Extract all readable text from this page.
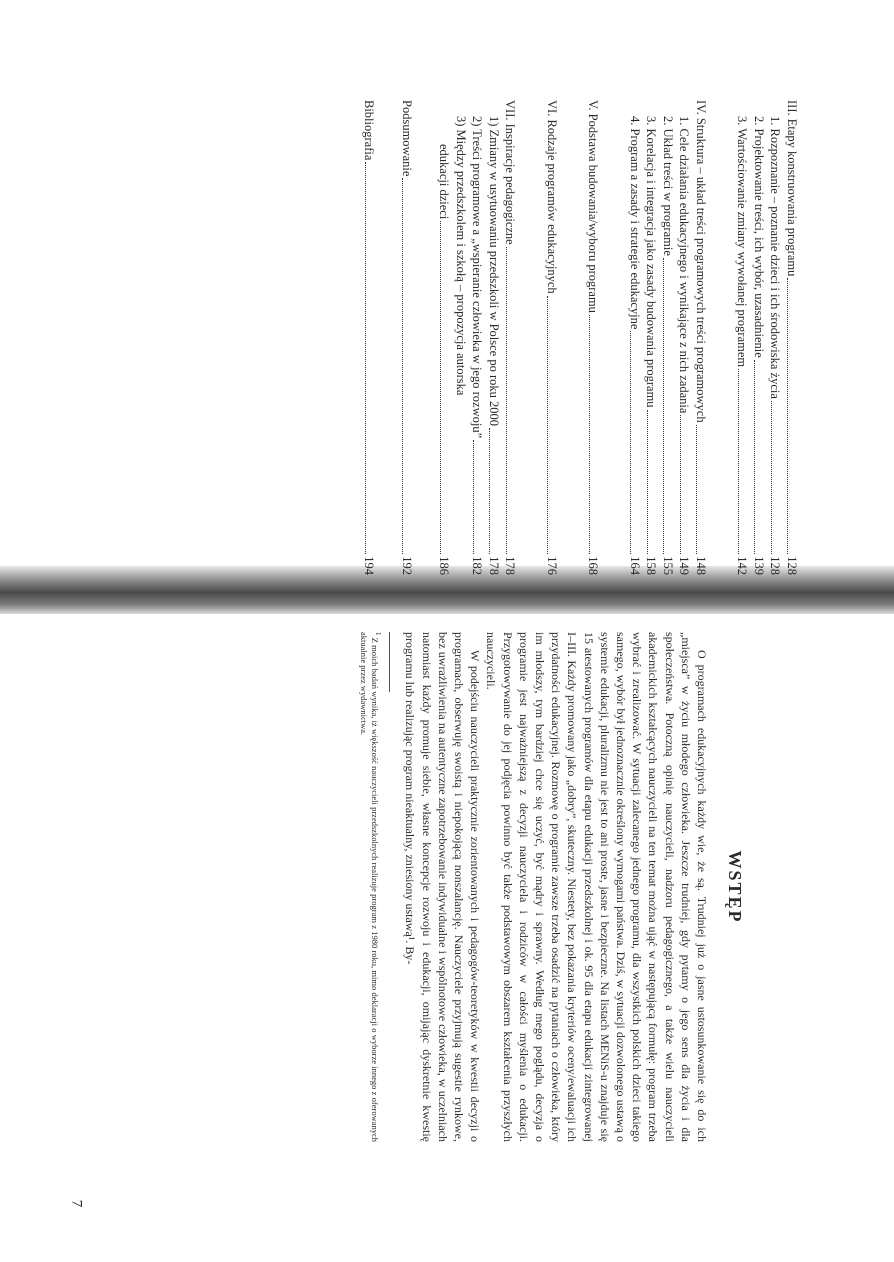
III. Etapy konstruowania programu
128
1. Rozpoznanie – poznanie dzieci i ich środowiska życia
128
2. Projektowanie treści, ich wybór, uzasadnienie
139
3. Wartościowanie zmiany wywołanej programem
142
IV. Struktura – układ treści programowych treści programowych
148
1. Cele działania edukacyjnego i wynikające z nich zadania
149
2. Układ treści w programie
155
3. Korelacja i integracja jako zasady budowania programu
158
4. Program a zasady i strategie edukacyjne
164
V. Podstawa budowania/wyboru programu
168
VI. Rodzaje programów edukacyjnych
176
VII. Inspiracje pedagogiczne
178
1) Zmiany w usytuowaniu przedszkoli w Polsce po roku 2000
178
2) Treści programowe a „wspieranie człowieka w jego rozwoju”
182
3) Między przedszkolem i szkołą – propozycja autorska
edukacji dzieci
186
Podsumowanie
192
Bibliografia
194
WSTĘP

O programach edukacyjnych każdy wie, że są. Trudniej już o jasne ustosunkowanie się do ich „miejsca” w życiu młodego człowieka. Jeszcze trudniej, gdy pytamy o jego sens dla życia i dla społeczeństwa. Potoczną opinię nauczycieli, nadzoru pedagogicznego, a także wielu nauczycieli akademickich kształcących nauczycieli na ten temat można ująć w następującą formułę: program trzeba wybrać i zrealizować. W sytuacji zalecanego jednego programu, dla wszystkich polskich dzieci takiego samego, wybór był jednoznacznie określony wymogami państwa. Dziś, w sytuacji dozwolonego ustawą o systemie edukacji, pluralizmu nie jest to ani proste, jasne i bezpieczne. Na listach MENiS-u znajduje się 15 atestowanych programów dla etapu edukacji przedszkolnej i ok. 95 dla etapu edukacji zintegrowanej I–III. Każdy promowany jako „dobry”, skuteczny. Niestety, bez pokazania kryteriów oceny/ewaluacji ich przydatności edukacyjnej. Rozmowę o programie zawsze trzeba osadzić na pytaniach o człowieka, który im młodszy, tym bardziej chce się uczyć, być mądry i sprawny. Według mego poglądu, decyzja o programie jest najważniejszą z decyzji nauczyciela i rodziców w całości myślenia o edukacji. Przygotowywanie do jej podjęcia powinno być także podstawowym obszarem kształcenia przyszłych nauczycieli.

W podejściu nauczycieli praktycznie zorientowanych i pedagogów-teoretyków w kwestii decyzji o programach, obserwuję swoistą i niepokojącą nonszalancję. Nauczyciele przyjmują sugestie rynkowe, bez uwrażliwienia na autentyczne zapotrzebowanie indywidualne i wspólnotowe człowieka, w uczelniach natomiast każdy promuje siebie, własne koncepcje rozwoju i edukacji, omijając dyskretnie kwestię programu lub realizując program nieaktualny, zniesiony ustawą¹. By-

$^1$ Z moich badań wynika, iż większość nauczycieli przedszkolnych realizuje program z 1980 roku, mimo deklaracji o wyborze innego z oferowanych aktualnie przez wydawnictwa.
7
